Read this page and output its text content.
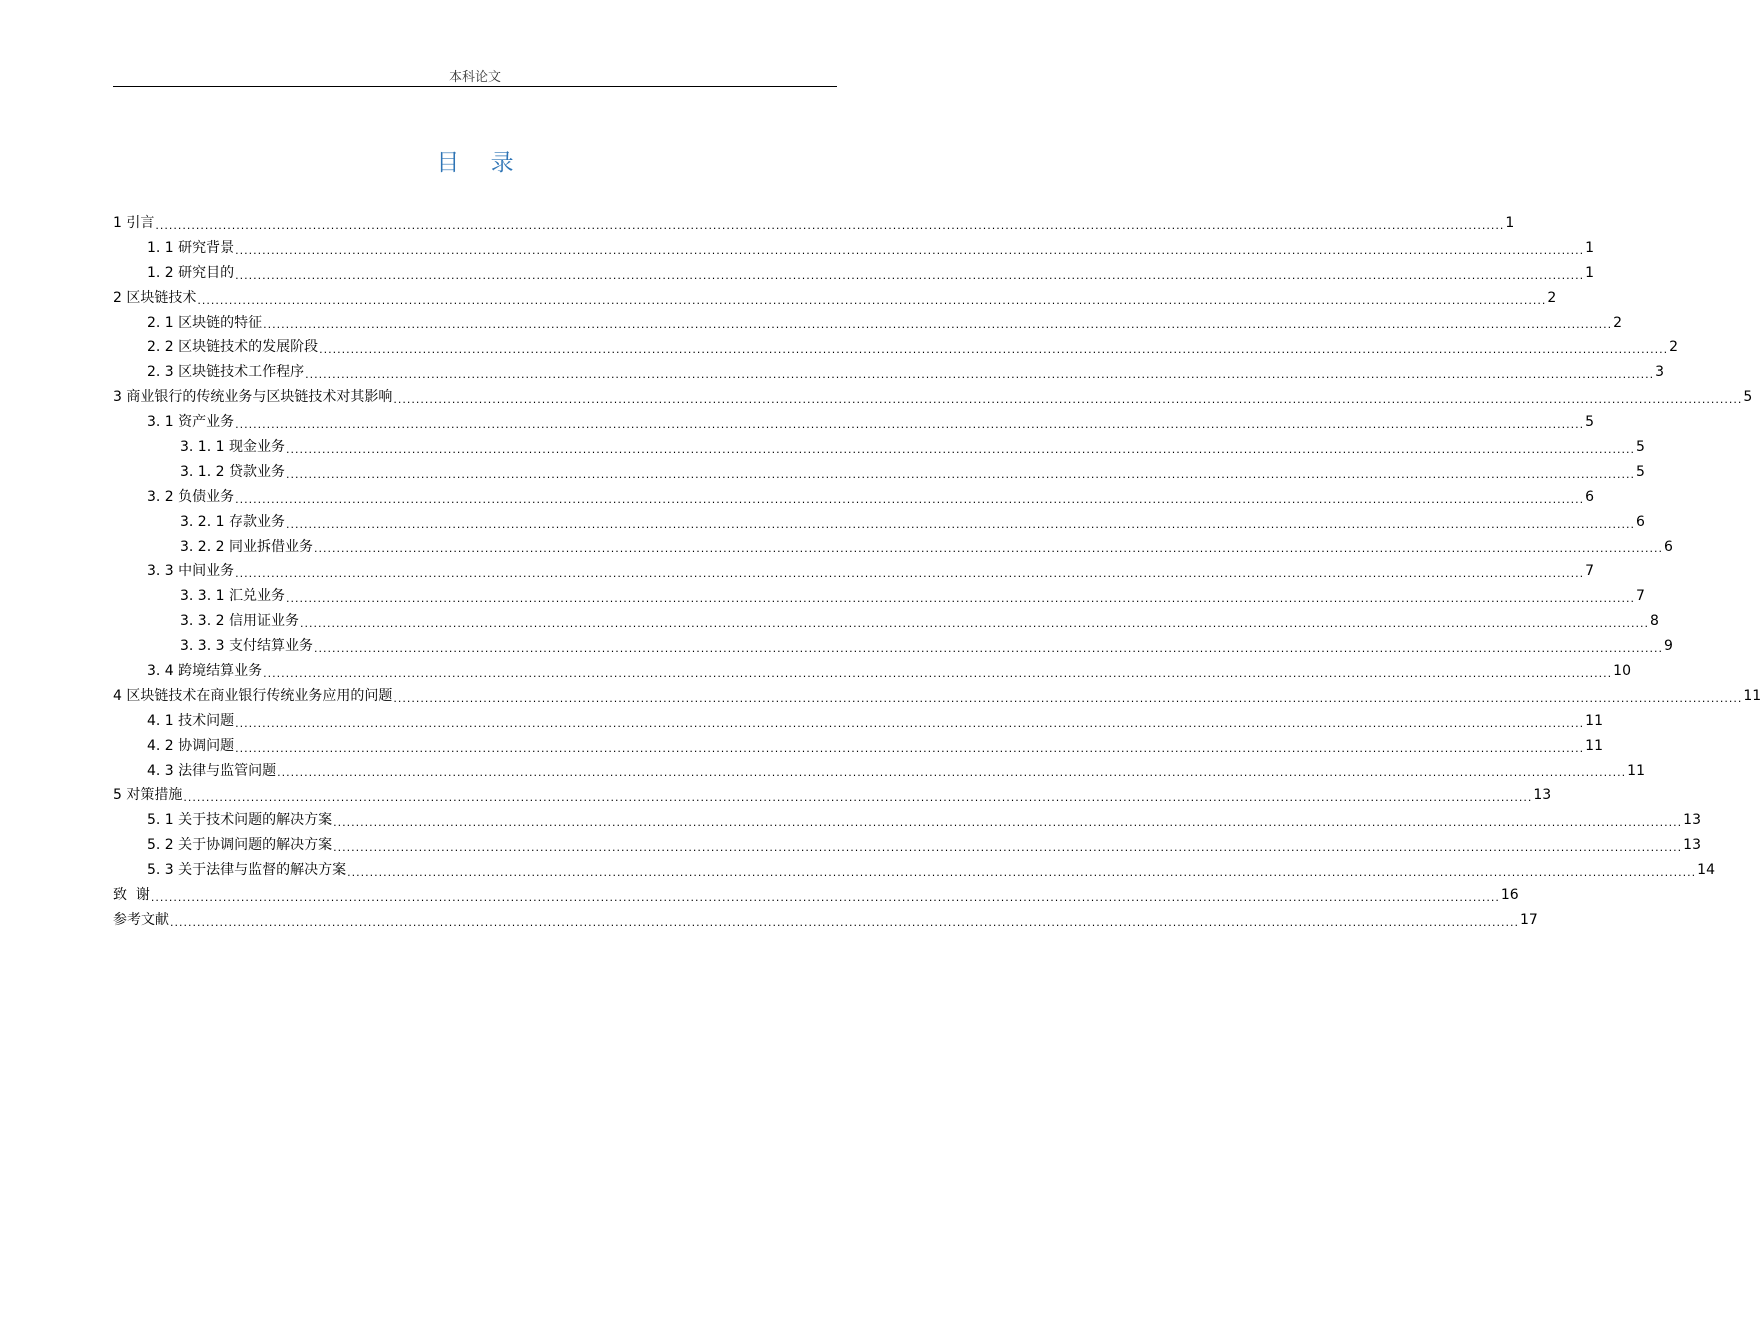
本科论文
目 录
1 引言 ............................................................................................................................................................................................................................................................................................................ 1
1. 1 研究背景 ............................................................................................................................................................................................................................................................................................................ 1
1. 2 研究目的 ............................................................................................................................................................................................................................................................................................................ 1
2 区块链技术 ............................................................................................................................................................................................................................................................................................................ 2
2. 1 区块链的特征 ............................................................................................................................................................................................................................................................................................................ 2
2. 2 区块链技术的发展阶段 ............................................................................................................................................................................................................................................................................................................ 2
2. 3 区块链技术工作程序 ............................................................................................................................................................................................................................................................................................................ 3
3 商业银行的传统业务与区块链技术对其影响 ............................................................................................................................................................................................................................................................................................................ 5
3. 1 资产业务 ............................................................................................................................................................................................................................................................................................................ 5
3. 1. 1 现金业务 ............................................................................................................................................................................................................................................................................................................ 5
3. 1. 2 贷款业务 ............................................................................................................................................................................................................................................................................................................ 5
3. 2 负债业务 ............................................................................................................................................................................................................................................................................................................ 6
3. 2. 1 存款业务 ............................................................................................................................................................................................................................................................................................................ 6
3. 2. 2 同业拆借业务 ............................................................................................................................................................................................................................................................................................................ 6
3. 3 中间业务 ............................................................................................................................................................................................................................................................................................................ 7
3. 3. 1 汇兑业务 ............................................................................................................................................................................................................................................................................................................ 7
3. 3. 2 信用证业务 ............................................................................................................................................................................................................................................................................................................ 8
3. 3. 3 支付结算业务 ............................................................................................................................................................................................................................................................................................................ 9
3. 4 跨境结算业务 ............................................................................................................................................................................................................................................................................................................ 10
4 区块链技术在商业银行传统业务应用的问题 ............................................................................................................................................................................................................................................................................................................ 11
4. 1 技术问题 ............................................................................................................................................................................................................................................................................................................ 11
4. 2 协调问题 ............................................................................................................................................................................................................................................................................................................ 11
4. 3 法律与监管问题 ............................................................................................................................................................................................................................................................................................................ 11
5 对策措施 ............................................................................................................................................................................................................................................................................................................ 13
5. 1 关于技术问题的解决方案 ............................................................................................................................................................................................................................................................................................................ 13
5. 2 关于协调问题的解决方案 ............................................................................................................................................................................................................................................................................................................ 13
5. 3 关于法律与监督的解决方案 ............................................................................................................................................................................................................................................................................................................ 14
致  谢 ............................................................................................................................................................................................................................................................................................................ 16
参考文献 ............................................................................................................................................................................................................................................................................................................ 17
